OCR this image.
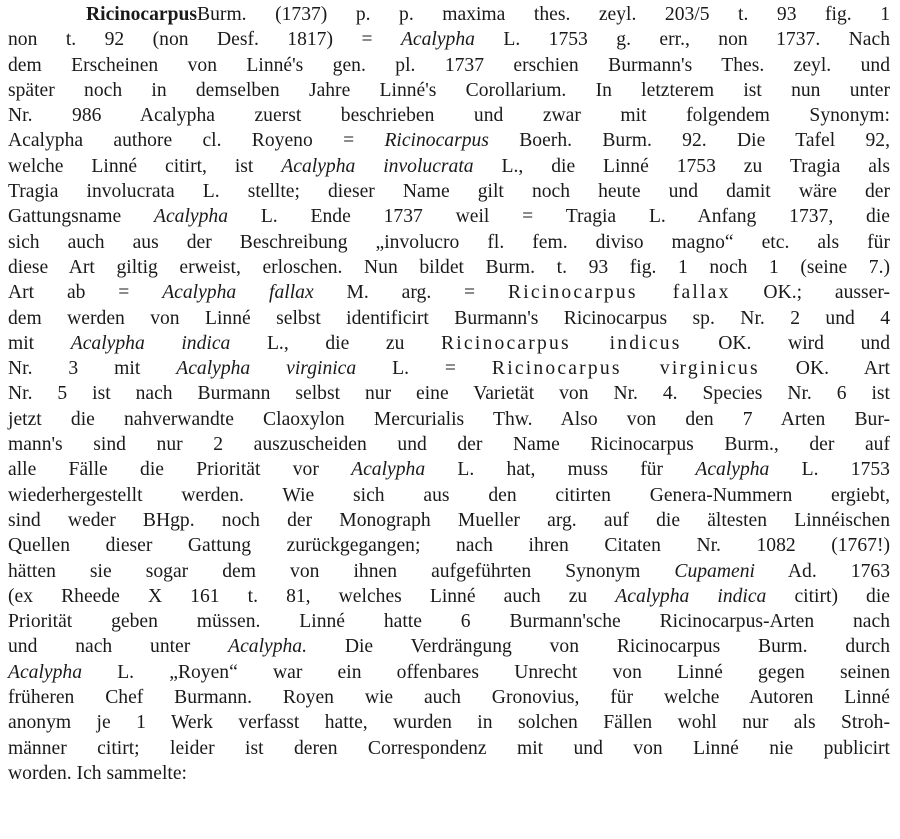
RicinocarpusBurm. (1737) p. p. maxima thes. zeyl. 203/5 t. 93 fig. 1
non t. 92 (non Desf. 1817) = Acalypha L. 1753 g. err., non 1737. Nach
dem Erscheinen von Linné's gen. pl. 1737 erschien Burmann's Thes. zeyl. und
später noch in demselben Jahre Linné's Corollarium. In letzterem ist nun unter
Nr. 986 Acalypha zuerst beschrieben und zwar mit folgendem Synonym:
Acalypha authore cl. Royeno = Ricinocarpus Boerh. Burm. 92. Die Tafel 92,
welche Linné citirt, ist Acalypha involucrata L., die Linné 1753 zu Tragia als
Tragia involucrata L. stellte; dieser Name gilt noch heute und damit wäre der
Gattungsname Acalypha L. Ende 1737 weil = Tragia L. Anfang 1737, die
sich auch aus der Beschreibung „involucro fl. fem. diviso magno“ etc. als für
diese Art giltig erweist, erloschen. Nun bildet Burm. t. 93 fig. 1 noch 1 (seine 7.)
Art ab = Acalypha fallax M. arg. = Ricinocarpus fallax OK.; ausser-
dem werden von Linné selbst identificirt Burmann's Ricinocarpus sp. Nr. 2 und 4
mit Acalypha indica L., die zu Ricinocarpus indicus OK. wird und
Nr. 3 mit Acalypha virginica L. = Ricinocarpus virginicus OK. Art
Nr. 5 ist nach Burmann selbst nur eine Varietät von Nr. 4. Species Nr. 6 ist
jetzt die nahverwandte Claoxylon Mercurialis Thw. Also von den 7 Arten Bur-
mann's sind nur 2 auszuscheiden und der Name Ricinocarpus Burm., der auf
alle Fälle die Priorität vor Acalypha L. hat, muss für Acalypha L. 1753
wiederhergestellt werden. Wie sich aus den citirten Genera-Nummern ergiebt,
sind weder BHgp. noch der Monograph Mueller arg. auf die ältesten Linnéischen
Quellen dieser Gattung zurückgegangen; nach ihren Citaten Nr. 1082 (1767!)
hätten sie sogar dem von ihnen aufgeführten Synonym Cupameni Ad. 1763
(ex Rheede X 161 t. 81, welches Linné auch zu Acalypha indica citirt) die
Priorität geben müssen. Linné hatte 6 Burmann'sche Ricinocarpus-Arten nach
und nach unter Acalypha. Die Verdrängung von Ricinocarpus Burm. durch
Acalypha L. „Royen“ war ein offenbares Unrecht von Linné gegen seinen
früheren Chef Burmann. Royen wie auch Gronovius, für welche Autoren Linné
anonym je 1 Werk verfasst hatte, wurden in solchen Fällen wohl nur als Stroh-
männer citirt; leider ist deren Correspondenz mit und von Linné nie publicirt
worden. Ich sammelte:
